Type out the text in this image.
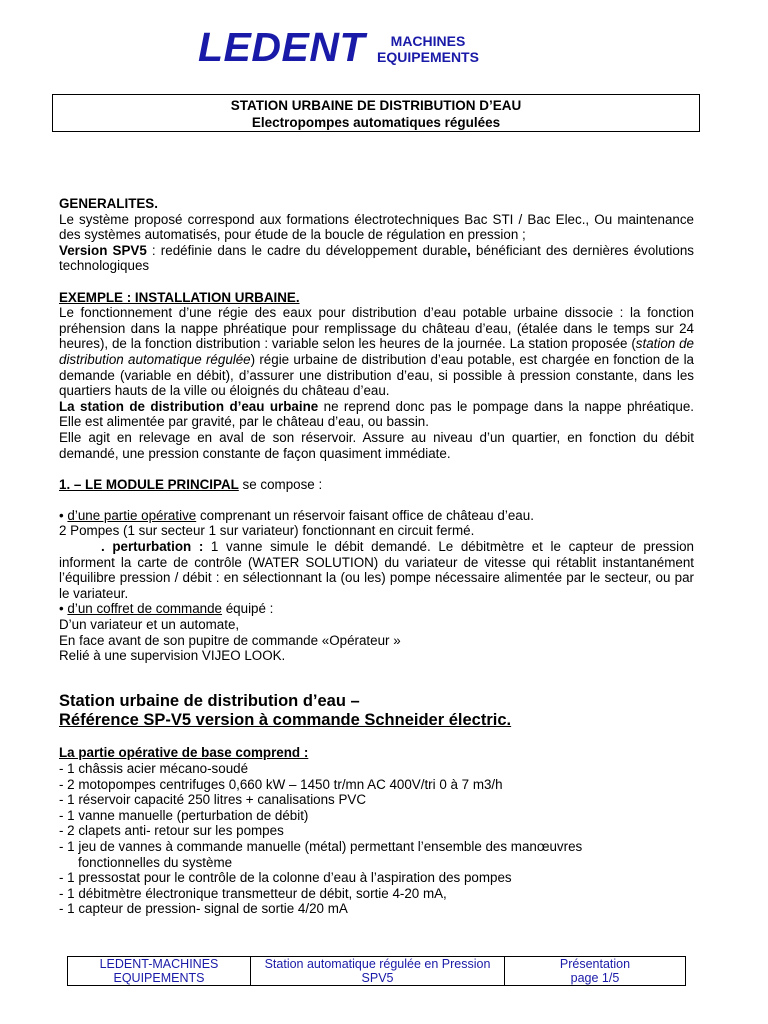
LEDENT	MACHINES
EQUIPEMENTS
STATION URBAINE DE DISTRIBUTION D’EAU
Electropompes automatiques régulées

GENERALITES.

Le système proposé correspond aux formations électrotechniques Bac STI / Bac Elec., Ou maintenance des systèmes automatisés, pour étude de la boucle de régulation en pression ;

Version SPV5 : redéfinie dans le cadre du développement durable, bénéficiant des dernières évolutions technologiques

EXEMPLE : INSTALLATION URBAINE.

Le fonctionnement d’une régie des eaux pour distribution d’eau potable urbaine dissocie : la fonction préhension dans la nappe phréatique pour remplissage du château d’eau, (étalée dans le temps sur 24 heures), de la fonction distribution : variable selon les heures de la journée. La station proposée (station de distribution automatique régulée) régie urbaine de distribution d’eau potable, est chargée en fonction de la demande (variable en débit), d’assurer une distribution d’eau, si possible à pression constante, dans les quartiers hauts de la ville ou éloignés du château d’eau.

La station de distribution d’eau urbaine ne reprend donc pas le pompage dans la nappe phréatique. Elle est alimentée par gravité, par le château d’eau, ou bassin.

Elle agit en relevage en aval de son réservoir. Assure au niveau d’un quartier, en fonction du débit demandé, une pression constante de façon quasiment immédiate.

1. – LE MODULE PRINCIPAL se compose :

• d’une partie opérative comprenant un réservoir faisant office de château d’eau.

2 Pompes (1 sur secteur 1 sur variateur) fonctionnant en circuit fermé.

. perturbation : 1 vanne simule le débit demandé. Le débitmètre et le capteur de pression informent la carte de contrôle (WATER SOLUTION) du variateur de vitesse qui rétablit instantanément l’équilibre pression / débit : en sélectionnant la (ou les) pompe nécessaire alimentée par le secteur, ou par le variateur.

• d’un coffret de commande équipé :

D’un variateur et un automate,

En face avant de son pupitre de commande «Opérateur »

Relié à une supervision VIJEO LOOK.

Station urbaine de distribution d’eau –

Référence SP-V5 version à commande Schneider électric.

La partie opérative de base comprend :

- 1 châssis acier mécano-soudé

- 2 motopompes centrifuges 0,660 kW – 1450 tr/mn AC 400V/tri 0 à 7 m3/h

- 1 réservoir capacité 250 litres + canalisations PVC

- 1 vanne manuelle (perturbation de débit)

- 2 clapets anti- retour sur les pompes

- 1 jeu de vannes à commande manuelle (métal) permettant l’ensemble des manœuvres

fonctionnelles du système

- 1 pressostat pour le contrôle de la colonne d’eau à l’aspiration des pompes

- 1 débitmètre électronique transmetteur de débit, sortie 4-20 mA,

- 1 capteur de pression- signal de sortie 4/20 mA

LEDENT-MACHINES
EQUIPEMENTS
Station automatique régulée en Pression
SPV5
Présentation
page 1/5
